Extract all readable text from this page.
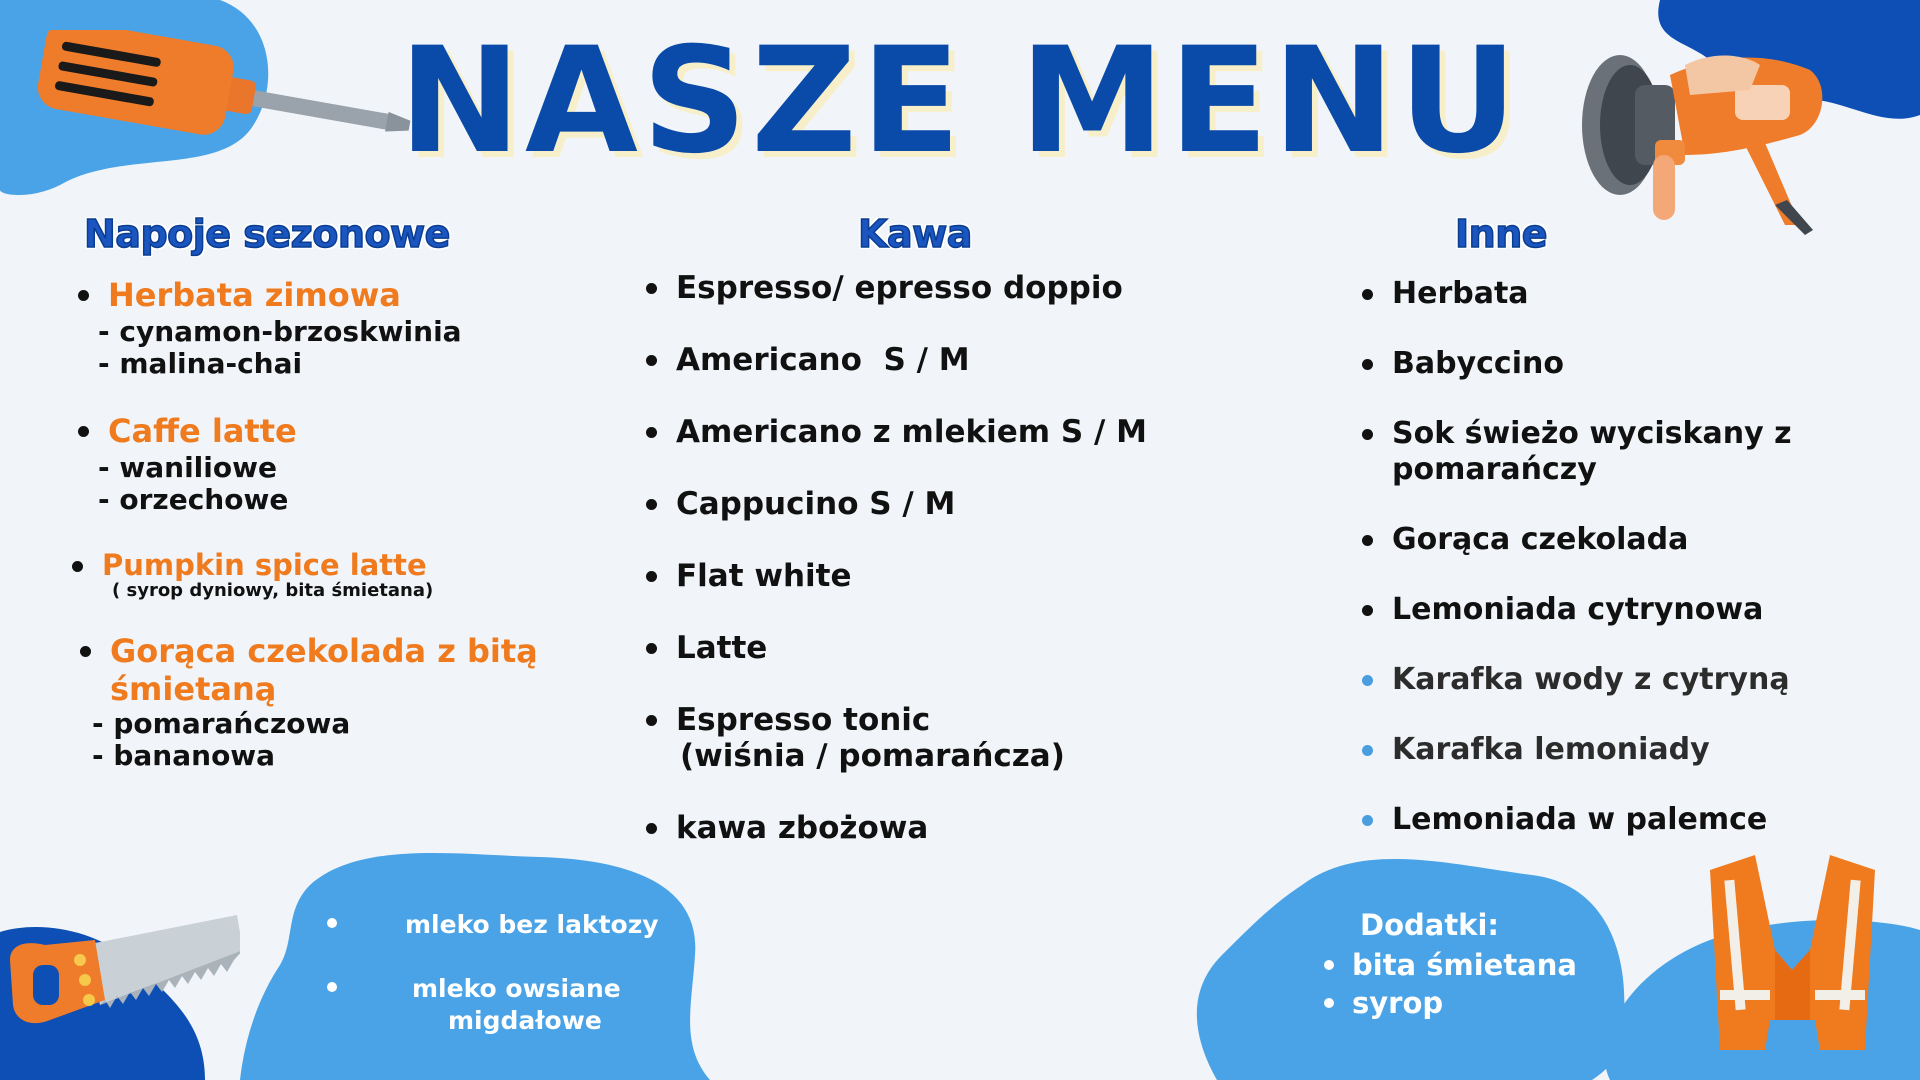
NASZE MENU
Napoje sezonowe	Kawa	Inne
Herbata zimowa
- cynamon-brzoskwinia
- malina-chai
Caffe latte
- waniliowe
- orzechowe
Pumpkin spice latte
( syrop dyniowy, bita śmietana)
Gorąca czekolada z bitą
śmietaną
- pomarańczowa
- bananowa
Espresso/ epresso doppio
Americano  S / M
Americano z mlekiem S / M
Cappucino S / M
Flat white
Latte
Espresso tonic
(wiśnia / pomarańcza)
kawa zbożowa
Herbata
Babyccino
Sok świeżo wyciskany z
pomarańczy
Gorąca czekolada
Lemoniada cytrynowa
Karafka wody z cytryną
Karafka lemoniady
Lemoniada w palemce
mleko bez laktozy
mleko owsiane
migdałowe
Dodatki:
bita śmietana
syrop
